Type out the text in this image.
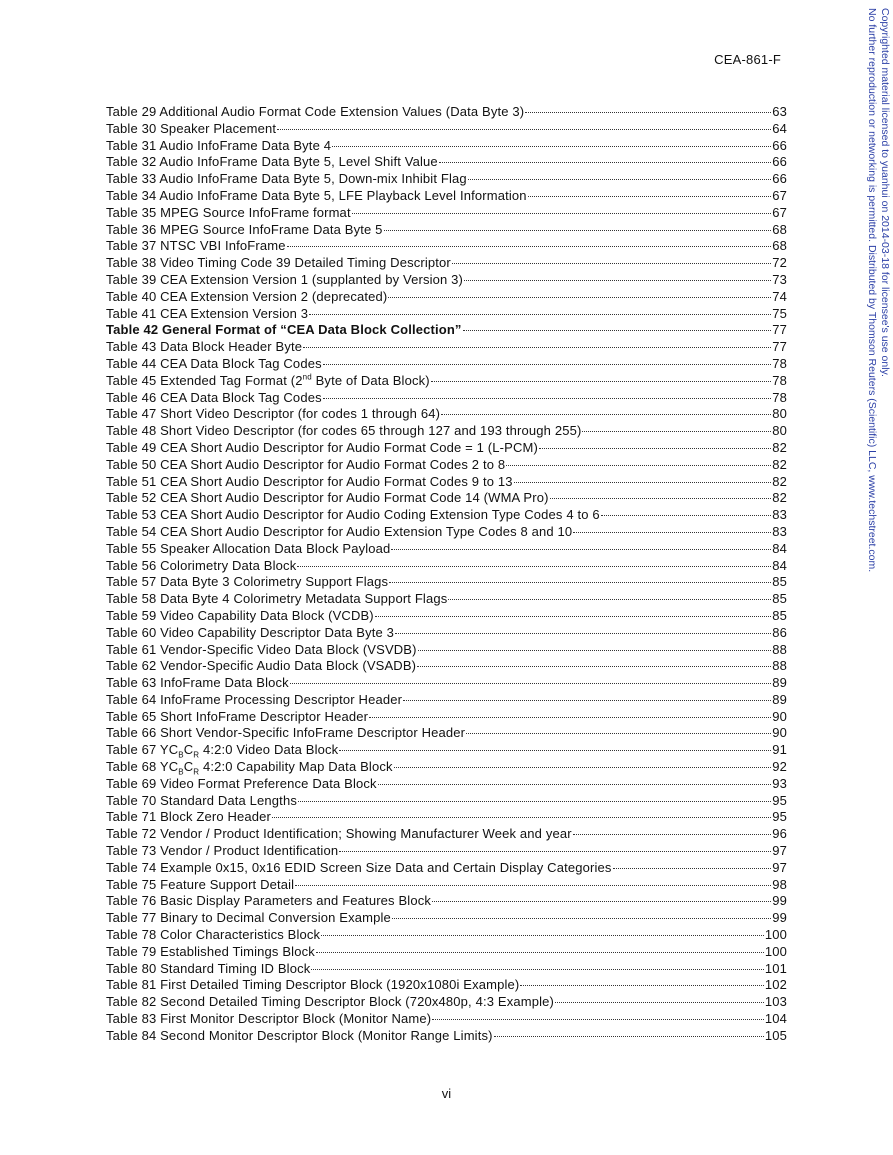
CEA-861-F
Table 29 Additional Audio Format Code Extension Values (Data Byte 3)	63
Table 30 Speaker Placement	64
Table 31 Audio InfoFrame Data Byte 4	66
Table 32 Audio InfoFrame Data Byte 5, Level Shift Value	66
Table 33 Audio InfoFrame Data Byte 5, Down-mix Inhibit Flag	66
Table 34 Audio InfoFrame Data Byte 5, LFE Playback Level Information	67
Table 35 MPEG Source InfoFrame format	67
Table 36 MPEG Source InfoFrame Data Byte 5	68
Table 37 NTSC VBI InfoFrame	68
Table 38 Video Timing Code 39 Detailed Timing Descriptor	72
Table 39 CEA Extension Version 1 (supplanted by Version 3)	73
Table 40 CEA Extension Version 2 (deprecated)	74
Table 41 CEA Extension Version 3	75
Table 42 General Format of “CEA Data Block Collection”	77
Table 43 Data Block Header Byte	77
Table 44 CEA Data Block Tag Codes	78
Table 45 Extended Tag Format (2nd Byte of Data Block)	78
Table 46 CEA Data Block Tag Codes	78
Table 47 Short Video Descriptor (for codes 1 through 64)	80
Table 48 Short Video Descriptor (for codes 65 through 127 and 193 through 255)	80
Table 49 CEA Short Audio Descriptor for Audio Format Code = 1 (L-PCM)	82
Table 50 CEA Short Audio Descriptor for Audio Format Codes 2 to 8	82
Table 51 CEA Short Audio Descriptor for Audio Format Codes 9 to 13	82
Table 52 CEA Short Audio Descriptor for Audio Format Code 14 (WMA Pro)	82
Table 53 CEA Short Audio Descriptor for Audio Coding Extension Type Codes 4 to 6	83
Table 54 CEA Short Audio Descriptor for Audio Extension Type Codes 8 and 10	83
Table 55 Speaker Allocation Data Block Payload	84
Table 56 Colorimetry Data Block	84
Table 57 Data Byte 3 Colorimetry Support Flags	85
Table 58 Data Byte 4 Colorimetry Metadata Support Flags	85
Table 59 Video Capability Data Block (VCDB)	85
Table 60 Video Capability Descriptor Data Byte 3	86
Table 61 Vendor-Specific Video Data Block (VSVDB)	88
Table 62 Vendor-Specific Audio Data Block (VSADB)	88
Table 63 InfoFrame Data Block	89
Table 64 InfoFrame Processing Descriptor Header	89
Table 65 Short InfoFrame Descriptor Header	90
Table 66 Short Vendor-Specific InfoFrame Descriptor Header	90
Table 67 $YC_BC_R$ 4:2:0 Video Data Block	91
Table 68 $YC_BC_R$ 4:2:0 Capability Map Data Block	92
Table 69 Video Format Preference Data Block	93
Table 70 Standard Data Lengths	95
Table 71 Block Zero Header	95
Table 72 Vendor / Product Identification; Showing Manufacturer Week and year	96
Table 73 Vendor / Product Identification	97
Table 74 Example 0x15, 0x16 EDID Screen Size Data and Certain Display Categories	97
Table 75 Feature Support Detail	98
Table 76 Basic Display Parameters and Features Block	99
Table 77 Binary to Decimal Conversion Example	99
Table 78 Color Characteristics Block	100
Table 79 Established Timings Block	100
Table 80 Standard Timing ID Block	101
Table 81 First Detailed Timing Descriptor Block (1920x1080i Example)	102
Table 82 Second Detailed Timing Descriptor Block (720x480p, 4:3 Example)	103
Table 83 First Monitor Descriptor Block (Monitor Name)	104
Table 84 Second Monitor Descriptor Block (Monitor Range Limits)	105
vi
Copyrighted material licensed to yuanhui on 2014-03-18 for licensee's use only.
No further reproduction or networking is permitted. Distributed by Thomson Reuters (Scientific) LLC, www.techstreet.com.
